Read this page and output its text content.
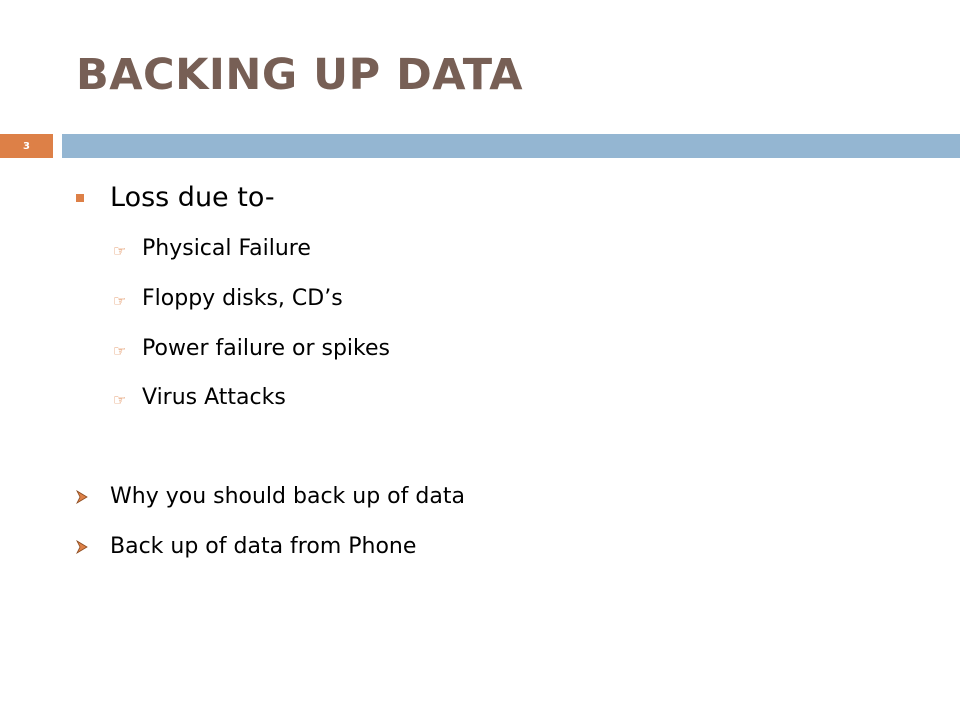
BACKING UP DATA
3
Loss due to-
☞ Physical Failure
☞ Floppy disks, CD’s
☞ Power failure or spikes
☞ Virus Attacks
Why you should back up of data
Back up of data from Phone
